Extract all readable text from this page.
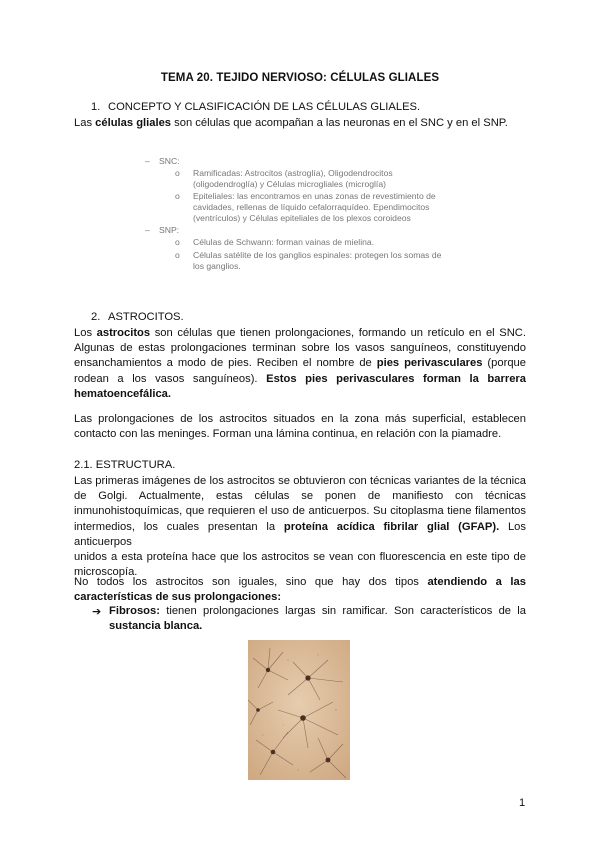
TEMA 20. TEJIDO NERVIOSO: CÉLULAS GLIALES
1. CONCEPTO Y CLASIFICACIÓN DE LAS CÉLULAS GLIALES.
Las células gliales son células que acompañan a las neuronas en el SNC y en el SNP.
– SNC:
o Ramificadas: Astrocitos (astroglía), Oligodendrocitos
(oligodendroglía) y Células microgliales (microglía)
o Epiteliales: las encontramos en unas zonas de revestimiento de
cavidades, rellenas de líquido cefalorraquídeo. Ependimocitos
(ventrículos) y Células epiteliales de los plexos coroideos
– SNP:
o Células de Schwann: forman vainas de mielina.
o Células satélite de los ganglios espinales: protegen los somas de
los ganglios.
2. ASTROCITOS.
Los astrocitos son células que tienen prolongaciones, formando un retículo en el SNC.
Algunas de estas prolongaciones terminan sobre los vasos sanguíneos, constituyendo
ensanchamientos a modo de pies. Reciben el nombre de pies perivasculares (porque
rodean a los vasos sanguíneos). Estos pies perivasculares forman la barrera
hematoencefálica.
Las prolongaciones de los astrocitos situados en la zona más superficial, establecen
contacto con las meninges. Forman una lámina continua, en relación con la piamadre.
2.1. ESTRUCTURA.
Las primeras imágenes de los astrocitos se obtuvieron con técnicas variantes de la técnica
de Golgi. Actualmente, estas células se ponen de manifiesto con técnicas
inmunohistoquímicas, que requieren el uso de anticuerpos. Su citoplasma tiene filamentos
intermedios, los cuales presentan la proteína acídica fibrilar glial (GFAP). Los anticuerpos
unidos a esta proteína hace que los astrocitos se vean con fluorescencia en este tipo de
microscopía.
No todos los astrocitos son iguales, sino que hay dos tipos atendiendo a las
características de sus prolongaciones:
➔ Fibrosos: tienen prolongaciones largas sin ramificar. Son característicos de la
sustancia blanca.
1
